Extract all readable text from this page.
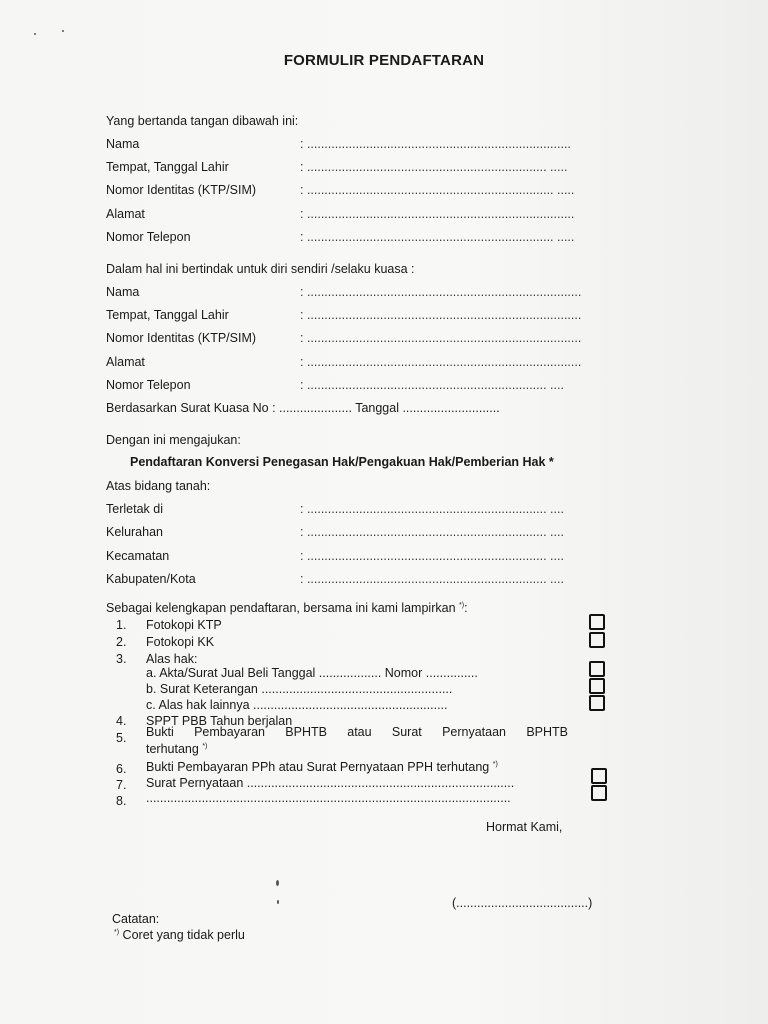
FORMULIR PENDAFTARAN
Yang bertanda tangan dibawah ini:
Nama	: ............................................................................
Tempat, Tanggal Lahir	: ..................................................................... .....
Nomor Identitas (KTP/SIM)	: ....................................................................... .....
Alamat	: .............................................................................
Nomor Telepon	: ....................................................................... .....
Dalam hal ini bertindak untuk diri sendiri /selaku kuasa :
Nama	: ...............................................................................
Tempat, Tanggal Lahir	: ...............................................................................
Nomor Identitas (KTP/SIM)	: ...............................................................................
Alamat	: ...............................................................................
Nomor Telepon	: ..................................................................... ....
Berdasarkan Surat Kuasa No : ..................... Tanggal ............................
Dengan ini mengajukan:
Pendaftaran Konversi Penegasan Hak/Pengakuan Hak/Pemberian Hak *
Atas bidang tanah:
Terletak di	: ..................................................................... ....
Kelurahan	: ..................................................................... ....
Kecamatan	: ..................................................................... ....
Kabupaten/Kota	: ..................................................................... ....
Sebagai kelengkapan pendaftaran, bersama ini kami lampirkan *):
1. Fotokopi KTP
2. Fotokopi KK
3. Alas hak:
a. Akta/Surat Jual Beli Tanggal .................. Nomor ...............
b. Surat Keterangan .......................................................
c. Alas hak lainnya ........................................................
4. SPPT PBB Tahun berjalan
5. Bukti Pembayaran BPHTB atau Surat Pernyataan BPHTB
terhutang *)
6. Bukti Pembayaran PPh atau Surat Pernyataan PPH terhutang *)
7. Surat Pernyataan .............................................................................
8. .........................................................................................................
Hormat Kami,
(......................................)
Catatan:
*) Coret yang tidak perlu
